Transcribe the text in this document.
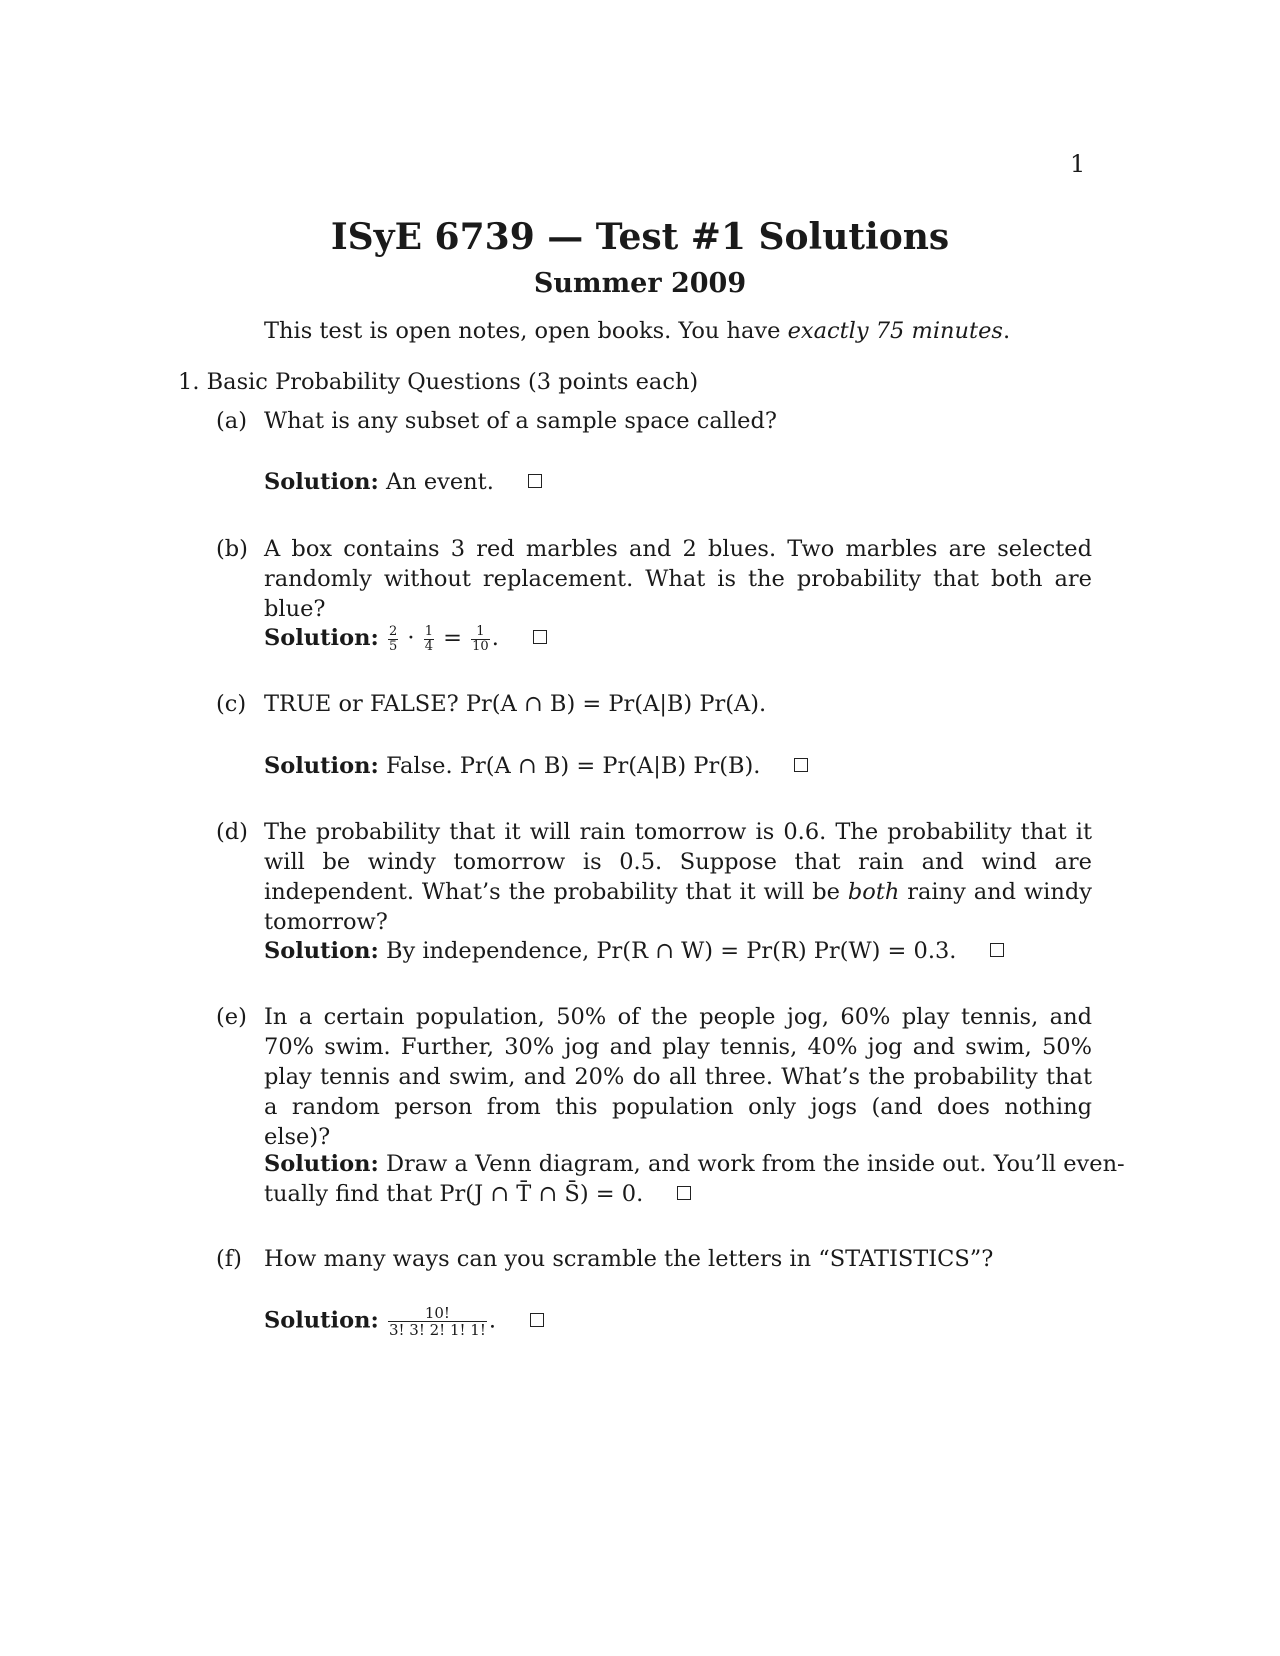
1
ISyE 6739 — Test #1 Solutions
Summer 2009
This test is open notes, open books. You have exactly 75 minutes.
1. Basic Probability Questions (3 points each)
(a) What is any subset of a sample space called?
Solution: An event.
(b) A box contains 3 red marbles and 2 blues. Two marbles are selected randomly without replacement. What is the probability that both are blue?
Solution: $\frac{2}{5} \cdot \frac{1}{4} = \frac{1}{10}$ .
(c) TRUE or FALSE? Pr(A ∩ B) = Pr(A|B) Pr(A).
Solution: False. Pr(A ∩ B) = Pr(A|B) Pr(B).
(d) The probability that it will rain tomorrow is 0.6. The probability that it will be windy tomorrow is 0.5. Suppose that rain and wind are independent. What’s the probability that it will be both rainy and windy tomorrow?
Solution: By independence, Pr(R ∩ W) = Pr(R) Pr(W) = 0.3.
(e) In a certain population, 50% of the people jog, 60% play tennis, and 70% swim. Further, 30% jog and play tennis, 40% jog and swim, 50% play tennis and swim, and 20% do all three. What’s the probability that a random person from this population only jogs (and does nothing else)?
Solution: Draw a Venn diagram, and work from the inside out. You’ll even-
tually find that Pr(J ∩ T̄ ∩ S̄) = 0.
(f) How many ways can you scramble the letters in “STATISTICS”?
Solution: $\frac{10!}{3! 3! 2! 1! 1!}$ .
